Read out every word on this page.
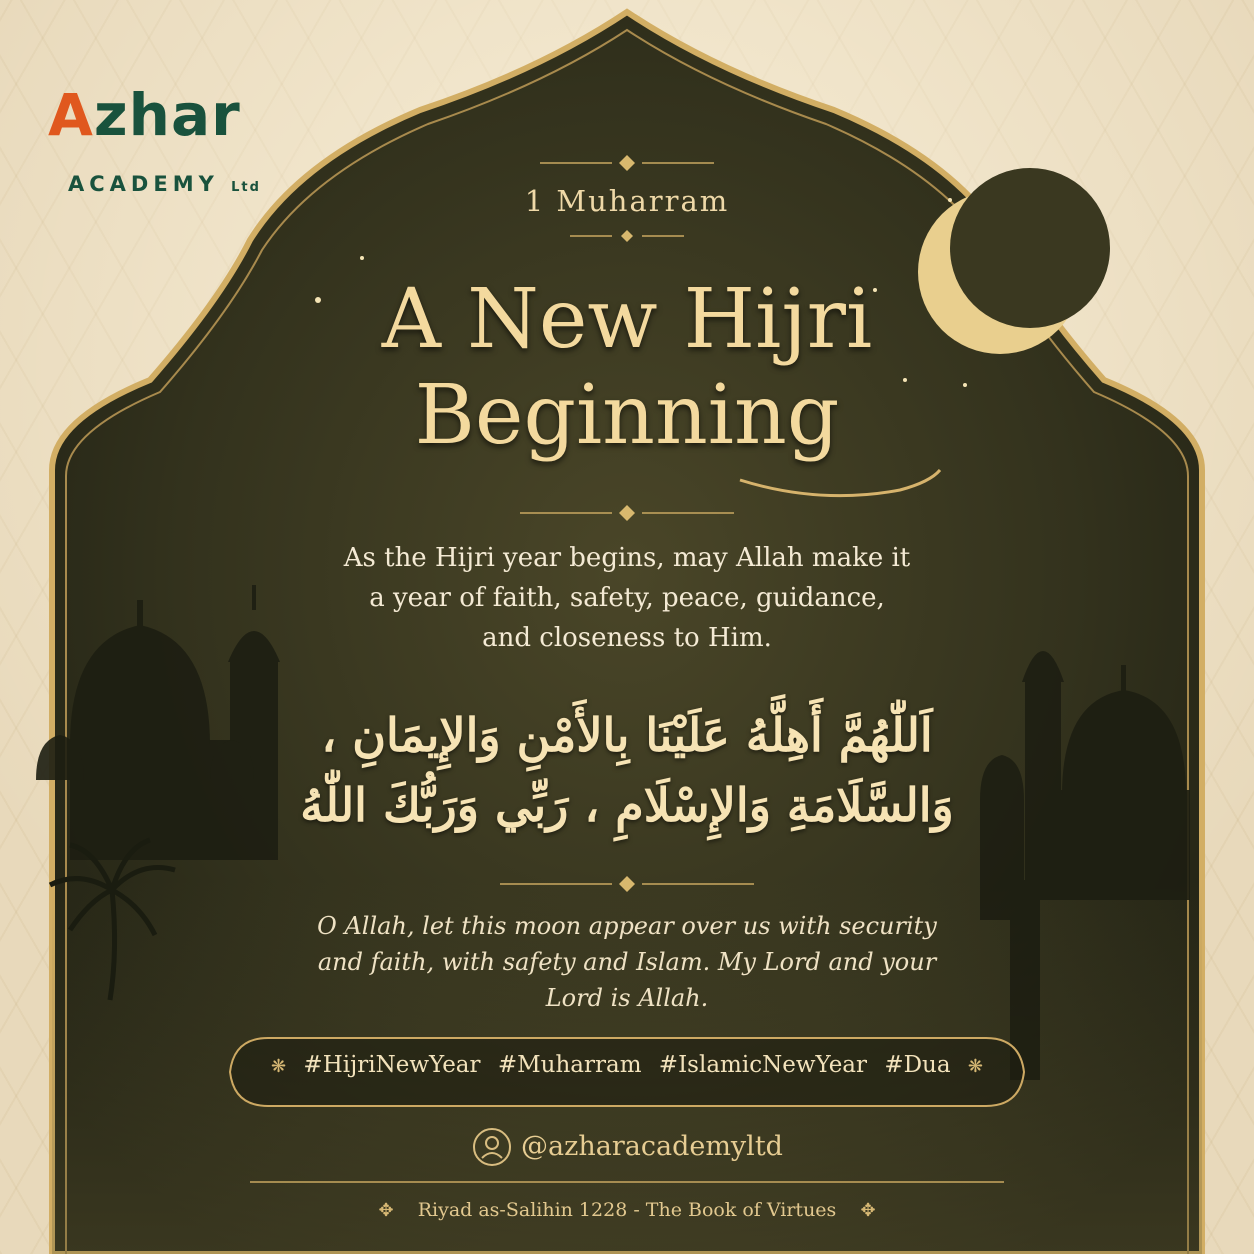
Azhar
ACADEMY Ltd	1 Muharram
A New Hijri
Beginning
As the Hijri year begins, may Allah make it
a year of faith, safety, peace, guidance,
and closeness to Him.
اَللّٰهُمَّ أَهِلَّهُ عَلَيْنَا بِالأَمْنِ وَالإِيمَانِ ،
وَالسَّلَامَةِ وَالإِسْلَامِ ، رَبِّي وَرَبُّكَ اللّٰهُ
O Allah, let this moon appear over us with security
and faith, with safety and Islam. My Lord and your
Lord is Allah.
❋ #HijriNewYear #Muharram #IslamicNewYear #Dua ❋
@azharacademyltd
✥ Riyad as-Salihin 1228 - The Book of Virtues ✥
